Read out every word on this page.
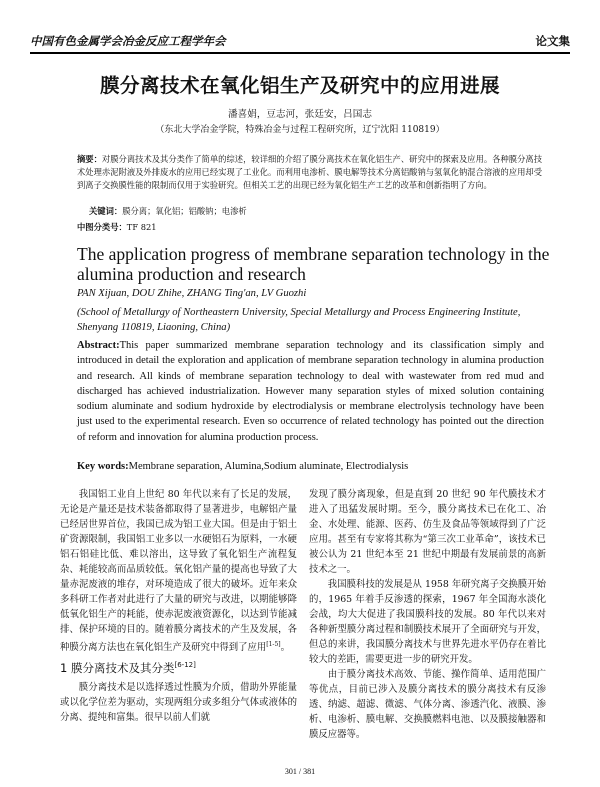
中国有色金属学会冶金反应工程学年会	论文集
膜分离技术在氧化铝生产及研究中的应用进展
潘喜娟，豆志河，张廷安，吕国志
（东北大学冶金学院，特殊冶金与过程工程研究所，辽宁沈阳 110819）
摘要：对膜分离技术及其分类作了简单的综述，较详细的介绍了膜分离技术在氧化铝生产、研究中的探索及应用。各种膜分离技术处理赤泥附液及外排废水的应用已经实现了工业化。而利用电渗析、膜电解等技术分离铝酸钠与氢氧化钠混合溶液的应用却受到离子交换膜性能的限制而仅用于实验研究。但相关工艺的出现已经为氧化铝生产工艺的改革和创新指明了方向。
关键词：膜分离；氧化铝；铝酸钠；电渗析
中图分类号：TF 821
The application progress of membrane separation technology in the alumina production and research
PAN Xijuan, DOU Zhihe, ZHANG Ting'an, LV Guozhi
(School of Metallurgy of Northeastern University, Special Metallurgy and Process Engineering Institute, Shenyang 110819, Liaoning, China)
Abstract:This paper summarized membrane separation technology and its classification simply and introduced in detail the exploration and application of membrane separation technology in alumina production and research. All kinds of membrane separation technology to deal with wastewater from red mud and discharged has achieved industrialization. However many separation styles of mixed solution containing sodium aluminate and sodium hydroxide by electrodialysis or membrane electrolysis technology have been just used to the experimental research. Even so occurrence of related technology has pointed out the direction of reform and innovation for alumina production process.
Key words:Membrane separation, Alumina,Sodium aluminate, Electrodialysis

我国铝工业自上世纪 80 年代以来有了长足的发展，无论是产量还是技术装备都取得了显著进步，电解铝产量已经居世界首位，我国已成为铝工业大国。但是由于铝土矿资源限制，我国铝工业多以一水硬铝石为原料，一水硬铝石铝硅比低、难以溶出，这导致了氧化铝生产流程复杂、耗能较高而品质较低。氧化铝产量的提高也导致了大量赤泥废液的堆存，对环境造成了很大的破坏。近年来众多科研工作者对此进行了大量的研究与改进，以期能够降低氧化铝生产的耗能，使赤泥废液资源化，以达到节能减排、保护环境的目的。随着膜分离技术的产生及发展，各种膜分离方法也在氧化铝生产及研究中得到了应用[1-5]。

1 膜分离技术及其分类[6-12]

膜分离技术是以选择透过性膜为介质，借助外界能量或以化学位差为驱动，实现两组分或多组分气体或液体的分离、提纯和富集。很早以前人们就

发现了膜分离现象，但是直到 20 世纪 90 年代膜技术才进入了迅猛发展时期。至今，膜分离技术已在化工、冶金、水处理、能源、医药、仿生及食品等领域得到了广泛应用。甚至有专家将其称为“第三次工业革命”，该技术已被公认为 21 世纪本至 21 世纪中期最有发展前景的高新技术之一。

我国膜科技的发展是从 1958 年研究离子交换膜开始的，1965 年着手反渗透的探索，1967 年全国海水淡化会战，均大大促进了我国膜科技的发展。80 年代以来对各种新型膜分离过程和制膜技术展开了全面研究与开发，但总的来讲，我国膜分离技术与世界先进水平仍存在着比较大的差距，需要更进一步的研究开发。

由于膜分离技术高效、节能、操作简单、适用范围广等优点，目前已涉入及膜分离技术的膜分离技术有反渗透、纳滤、超滤、微滤、气体分离、渗透汽化、液膜、渗析、电渗析、膜电解、交换膜燃料电池、以及膜接触器和膜反应器等。

301 / 381
